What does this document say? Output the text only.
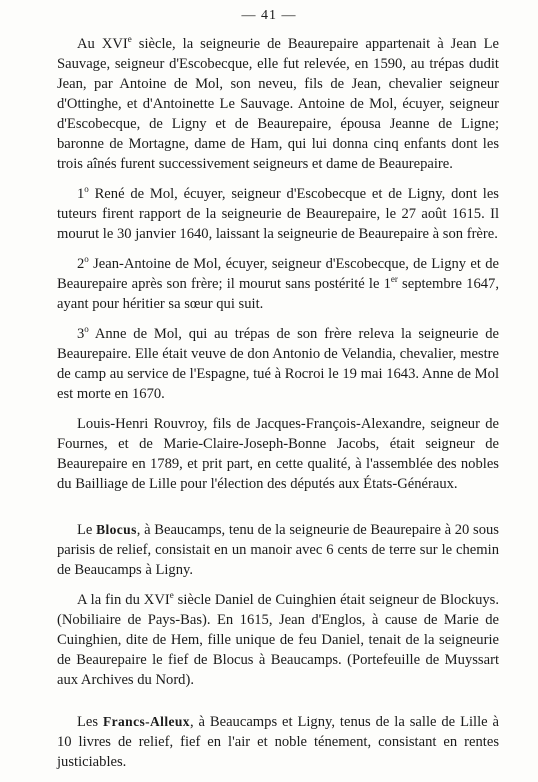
— 41 —

Au XVIe siècle, la seigneurie de Beaurepaire appartenait à Jean Le Sauvage, seigneur d'Escobecque, elle fut relevée, en 1590, au trépas dudit Jean, par Antoine de Mol, son neveu, fils de Jean, chevalier seigneur d'Ottinghe, et d'Antoinette Le Sauvage. Antoine de Mol, écuyer, seigneur d'Escobecque, de Ligny et de Beaurepaire, épousa Jeanne de Ligne; baronne de Mortagne, dame de Ham, qui lui donna cinq enfants dont les trois aînés furent successivement seigneurs et dame de Beaurepaire.

1$^o$ René de Mol, écuyer, seigneur d'Escobecque et de Ligny, dont les tuteurs firent rapport de la seigneurie de Beaurepaire, le 27 août 1615. Il mourut le 30 janvier 1640, laissant la seigneurie de Beaurepaire à son frère.

2$^o$ Jean-Antoine de Mol, écuyer, seigneur d'Escobecque, de Ligny et de Beaurepaire après son frère; il mourut sans postérité le 1er septembre 1647, ayant pour héritier sa sœur qui suit.

3$^o$ Anne de Mol, qui au trépas de son frère releva la seigneurie de Beaurepaire. Elle était veuve de don Antonio de Velandia, chevalier, mestre de camp au service de l'Espagne, tué à Rocroi le 19 mai 1643. Anne de Mol est morte en 1670.

Louis-Henri Rouvroy, fils de Jacques-François-Alexandre, seigneur de Fournes, et de Marie-Claire-Joseph-Bonne Jacobs, était seigneur de Beaurepaire en 1789, et prit part, en cette qualité, à l'assemblée des nobles du Bailliage de Lille pour l'élection des députés aux États-Généraux.

Le Blocus, à Beaucamps, tenu de la seigneurie de Beaurepaire à 20 sous parisis de relief, consistait en un manoir avec 6 cents de terre sur le chemin de Beaucamps à Ligny.

A la fin du XVIe siècle Daniel de Cuinghien était seigneur de Blockuys. (Nobiliaire de Pays-Bas). En 1615, Jean d'Englos, à cause de Marie de Cuinghien, dite de Hem, fille unique de feu Daniel, tenait de la seigneurie de Beaurepaire le fief de Blocus à Beaucamps. (Portefeuille de Muyssart aux Archives du Nord).

Les Francs-Alleux, à Beaucamps et Ligny, tenus de la salle de Lille à 10 livres de relief, fief en l'air et noble ténement, consistant en rentes justiciables.
